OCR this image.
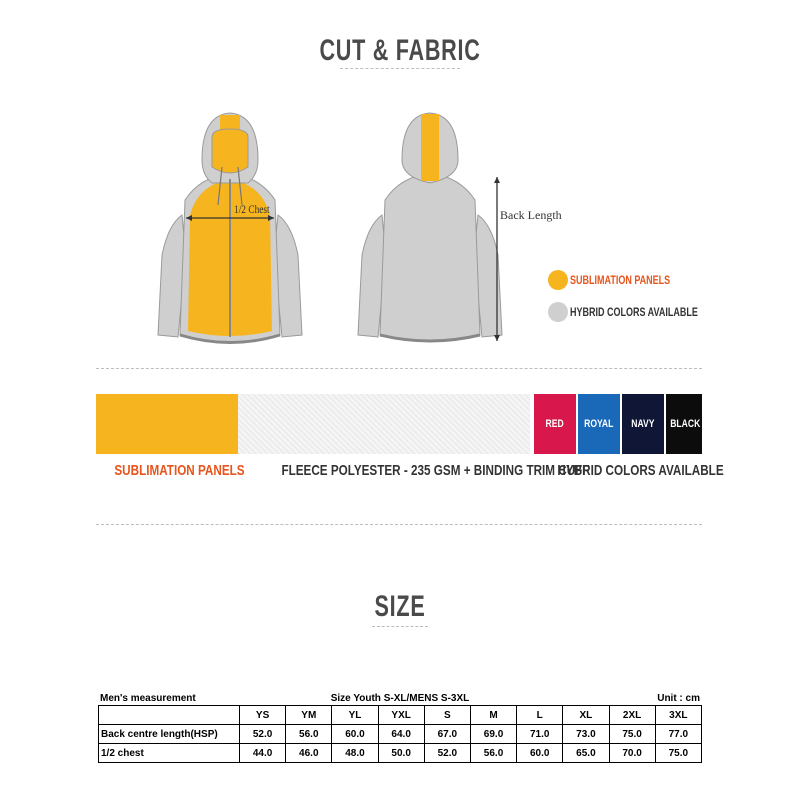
CUT & FABRIC
1/2 Chest	Back Length
SUBLIMATION PANELS
HYBRID COLORS AVAILABLE
RED	ROYAL	NAVY	BLACK
SUBLIMATION PANELS	FLEECE POLYESTER - 235 GSM + BINDING TRIM CUFF
HYBRID COLORS AVAILABLE
SIZE
Men's measurement	Size Youth S-XL/MENS S-3XL	Unit : cm
	YS	YM	YL	YXL	S	M	L	XL	2XL	3XL
Back centre length(HSP)	52.0	56.0	60.0	64.0	67.0	69.0	71.0	73.0	75.0	77.0
1/2 chest	44.0	46.0	48.0	50.0	52.0	56.0	60.0	65.0	70.0	75.0
